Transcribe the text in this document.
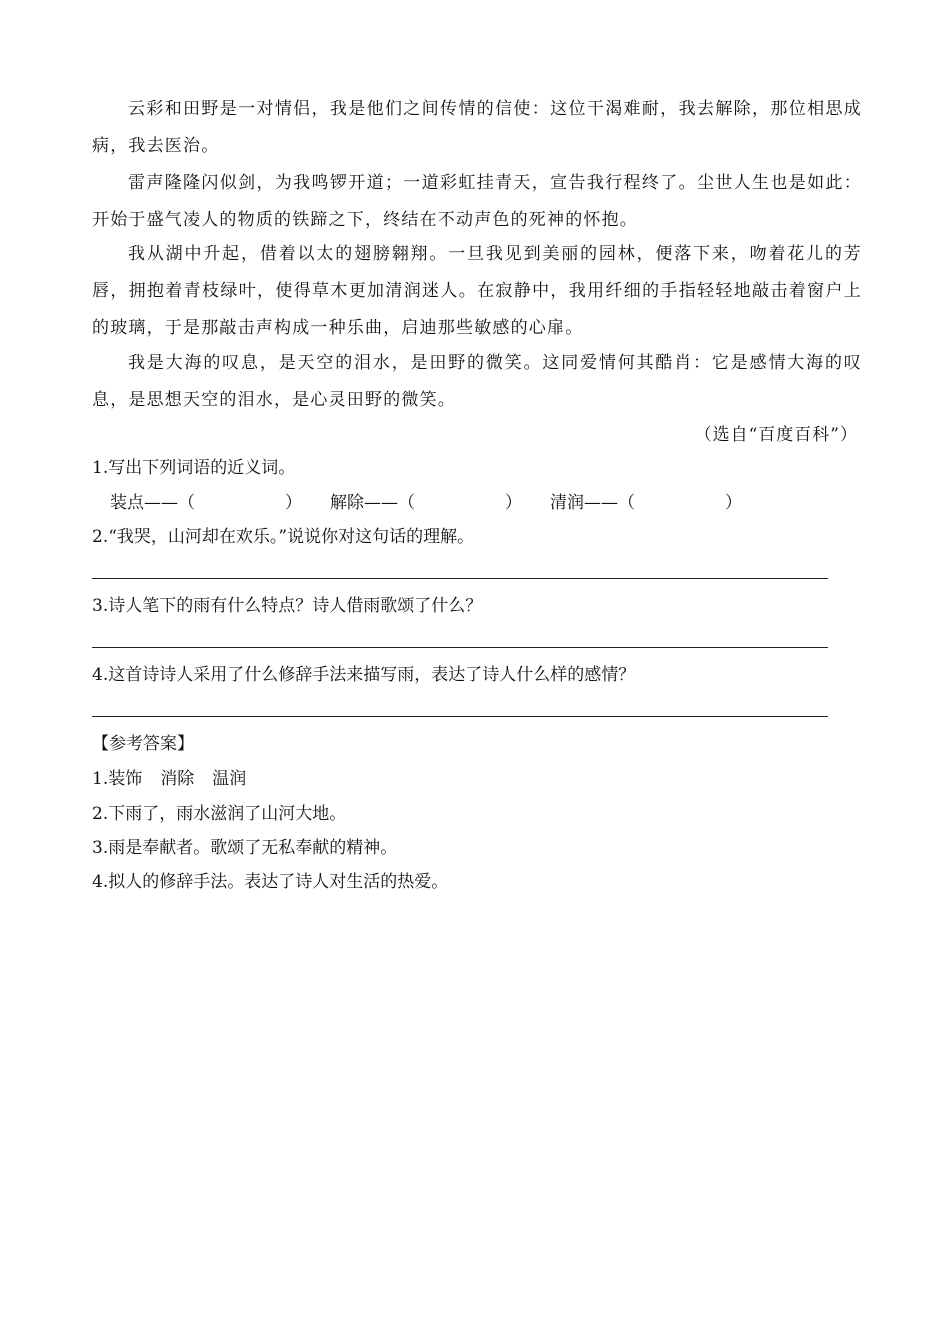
云彩和田野是一对情侣，我是他们之间传情的信使：这位干渴难耐，我去解除，那位相思成病，我去医治。

雷声隆隆闪似剑，为我鸣锣开道；一道彩虹挂青天，宣告我行程终了。尘世人生也是如此：开始于盛气凌人的物质的铁蹄之下，终结在不动声色的死神的怀抱。

我从湖中升起，借着以太的翅膀翱翔。一旦我见到美丽的园林，便落下来，吻着花儿的芳唇，拥抱着青枝绿叶，使得草木更加清润迷人。在寂静中，我用纤细的手指轻轻地敲击着窗户上的玻璃，于是那敲击声构成一种乐曲，启迪那些敏感的心扉。

我是大海的叹息，是天空的泪水，是田野的微笑。这同爱情何其酷肖：它是感情大海的叹息，是思想天空的泪水，是心灵田野的微笑。

（选自“百度百科”）
1.写出下列词语的近义词。
装点——（	） 解除——（	） 清润——（	）
2.“我哭，山河却在欢乐。”说说你对这句话的理解。
3.诗人笔下的雨有什么特点？诗人借雨歌颂了什么？
4.这首诗诗人采用了什么修辞手法来描写雨，表达了诗人什么样的感情？
【参考答案】
1.装饰 消除 温润
2.下雨了，雨水滋润了山河大地。
3.雨是奉献者。歌颂了无私奉献的精神。
4.拟人的修辞手法。表达了诗人对生活的热爱。
